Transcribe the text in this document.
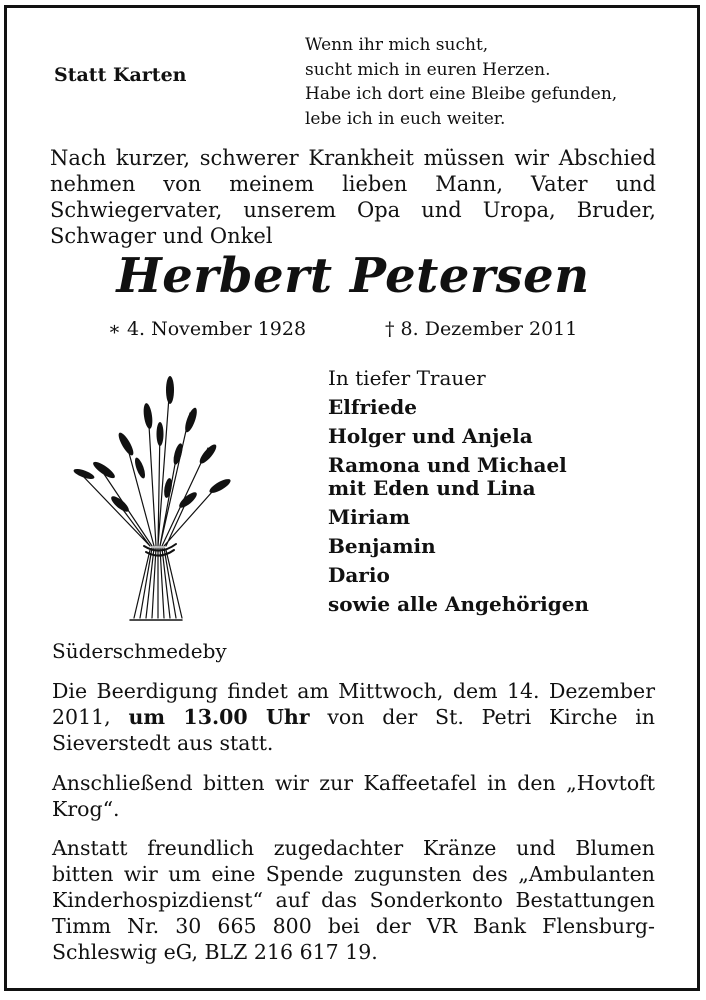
Statt Karten
Wenn ihr mich sucht,
sucht mich in euren Herzen.
Habe ich dort eine Bleibe gefunden,
lebe ich in euch weiter.
Nach kurzer, schwerer Krankheit müssen wir Abschied nehmen von meinem lieben Mann, Vater und Schwiegervater, unserem Opa und Uropa, Bruder, Schwager und Onkel
Herbert Petersen
∗ 4. November 1928	† 8. Dezember 2011
In tiefer Trauer
Elfriede
Holger und Anjela
Ramona und Michael
mit Eden und Lina
Miriam
Benjamin
Dario
sowie alle Angehörigen
Süderschmedeby
Die Beerdigung findet am Mittwoch, dem 14. Dezember 2011, um 13.00 Uhr von der St. Petri Kirche in Sieverstedt aus statt.
Anschließend bitten wir zur Kaffeetafel in den „Hovtoft Krog“.
Anstatt freundlich zugedachter Kränze und Blumen bitten wir um eine Spende zugunsten des „Ambulanten Kinderhospizdienst“ auf das Sonderkonto Bestattungen Timm Nr. 30 665 800 bei der VR Bank Flensburg-Schleswig eG, BLZ 216 617 19.
